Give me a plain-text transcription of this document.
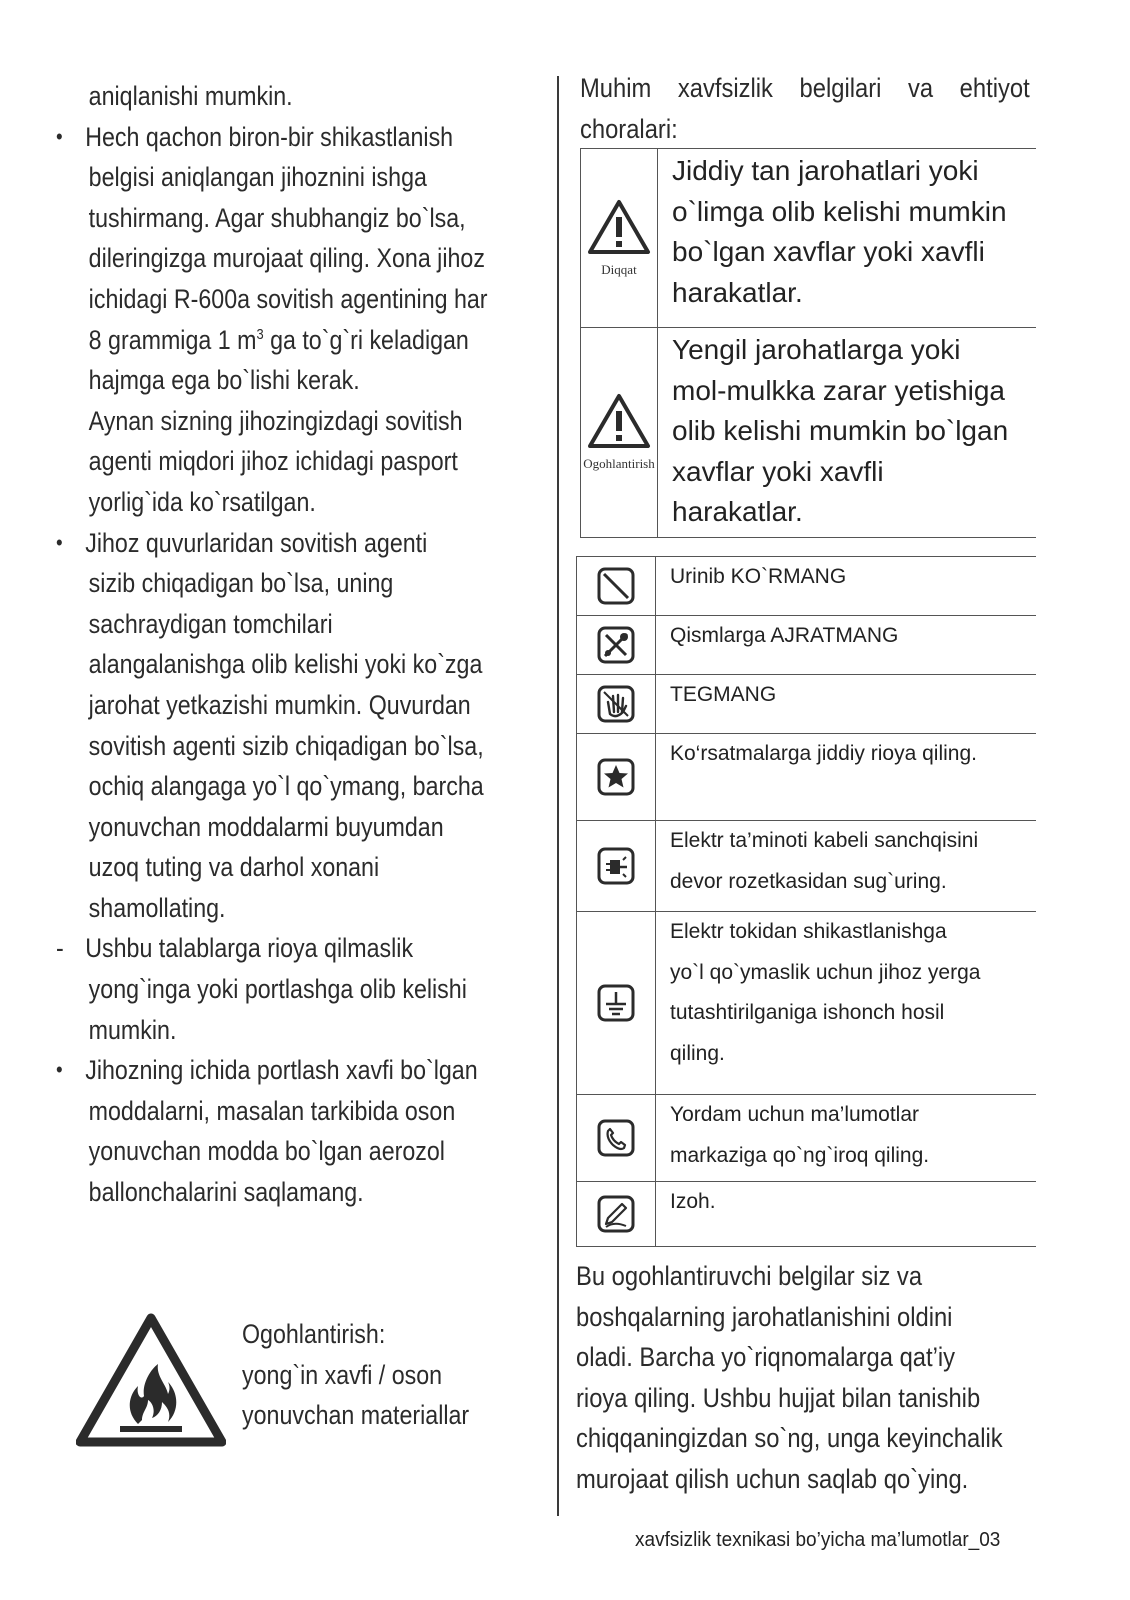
aniqlanishi mumkin.
• Hech qachon biron-bir shikastlanish
belgisi aniqlangan jihoznini ishga
tushirmang. Agar shubhangiz bo`lsa,
dileringizga murojaat qiling. Xona jihoz
ichidagi R-600a sovitish agentining har
8 grammiga 1 $m^3$ ga to`g`ri keladigan
hajmga ega bo`lishi kerak.
Aynan sizning jihozingizdagi sovitish
agenti miqdori jihoz ichidagi pasport
yorlig`ida ko`rsatilgan.
• Jihoz quvurlaridan sovitish agenti
sizib chiqadigan bo`lsa, uning
sachraydigan tomchilari
alangalanishga olib kelishi yoki ko`zga
jarohat yetkazishi mumkin. Quvurdan
sovitish agenti sizib chiqadigan bo`lsa,
ochiq alangaga yo`l qo`ymang, barcha
yonuvchan moddalarmi buyumdan
uzoq tuting va darhol xonani
shamollating.
- Ushbu talablarga rioya qilmaslik
yong`inga yoki portlashga olib kelishi
mumkin.
• Jihozning ichida portlash xavfi bo`lgan
moddalarni, masalan tarkibida oson
yonuvchan modda bo`lgan aerozol
ballonchalarini saqlamang.
Ogohlantirish:
yong`in xavfi / oson
yonuvchan materiallar
Muhim xavfsizlik belgilari va ehtiyot
choralari:
Diqqat	Jiddiy tan jarohatlari yoki
o`limga olib kelishi mumkin
bo`lgan xavflar yoki xavfli
harakatlar.

Ogohlantirish	Yengil jarohatlarga yoki
mol-mulkka zarar yetishiga
olib kelishi mumkin bo`lgan
xavflar yoki xavfli
harakatlar.

Urinib KO`RMANG

Qismlarga AJRATMANG

TEGMANG

Ko‘rsatmalarga jiddiy rioya qiling.

Elektr ta’minoti kabeli sanchqisini
devor rozetkasidan sug`uring.

Elektr tokidan shikastlanishga
yo`l qo`ymaslik uchun jihoz yerga
tutashtirilganiga ishonch hosil
qiling.

Yordam uchun ma’lumotlar
markaziga qo`ng`iroq qiling.

Izoh.
Bu ogohlantiruvchi belgilar siz va
boshqalarning jarohatlanishini oldini
oladi. Barcha yo`riqnomalarga qat’iy
rioya qiling. Ushbu hujjat bilan tanishib
chiqqaningizdan so`ng, unga keyinchalik
murojaat qilish uchun saqlab qo`ying.
xavfsizlik texnikasi bo’yicha ma’lumotlar_03
